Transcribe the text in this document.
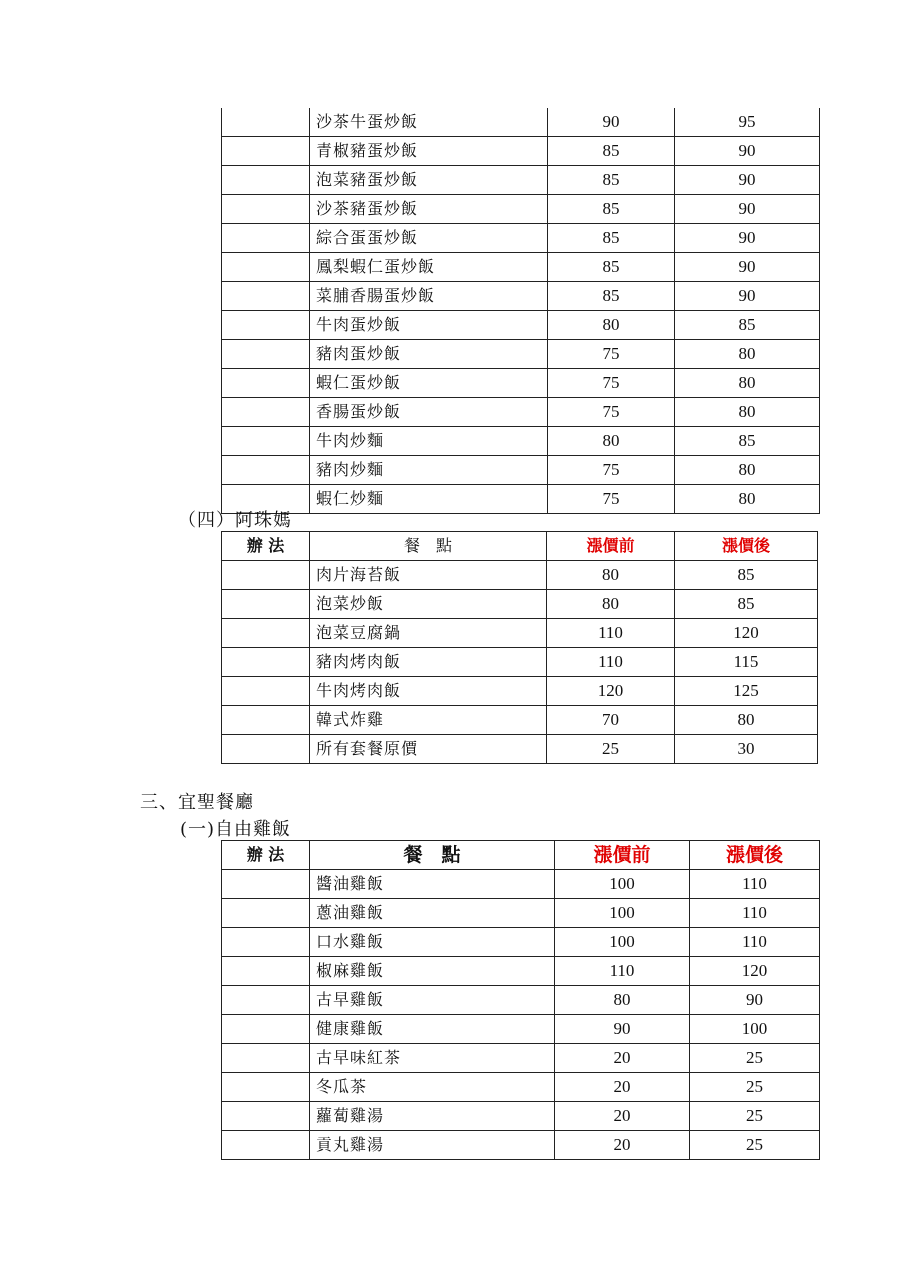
	沙茶牛蛋炒飯	90	95
	青椒豬蛋炒飯	85	90
	泡菜豬蛋炒飯	85	90
	沙茶豬蛋炒飯	85	90
	綜合蛋蛋炒飯	85	90
	鳳梨蝦仁蛋炒飯	85	90
	菜脯香腸蛋炒飯	85	90
	牛肉蛋炒飯	80	85
	豬肉蛋炒飯	75	80
	蝦仁蛋炒飯	75	80
	香腸蛋炒飯	75	80
	牛肉炒麵	80	85
	豬肉炒麵	75	80
	蝦仁炒麵	75	80
（四）阿珠媽
辦 法	餐　點	漲價前	漲價後
	肉片海苔飯	80	85
	泡菜炒飯	80	85
	泡菜豆腐鍋	110	120
	豬肉烤肉飯	110	115
	牛肉烤肉飯	120	125
	韓式炸雞	70	80
	所有套餐原價	25	30
三、宜聖餐廳
(一)自由雞飯
辦 法	餐　點	漲價前	漲價後
	醬油雞飯	100	110
	蔥油雞飯	100	110
	口水雞飯	100	110
	椒麻雞飯	110	120
	古早雞飯	80	90
	健康雞飯	90	100
	古早味紅茶	20	25
	冬瓜茶	20	25
	蘿蔔雞湯	20	25
	貢丸雞湯	20	25
